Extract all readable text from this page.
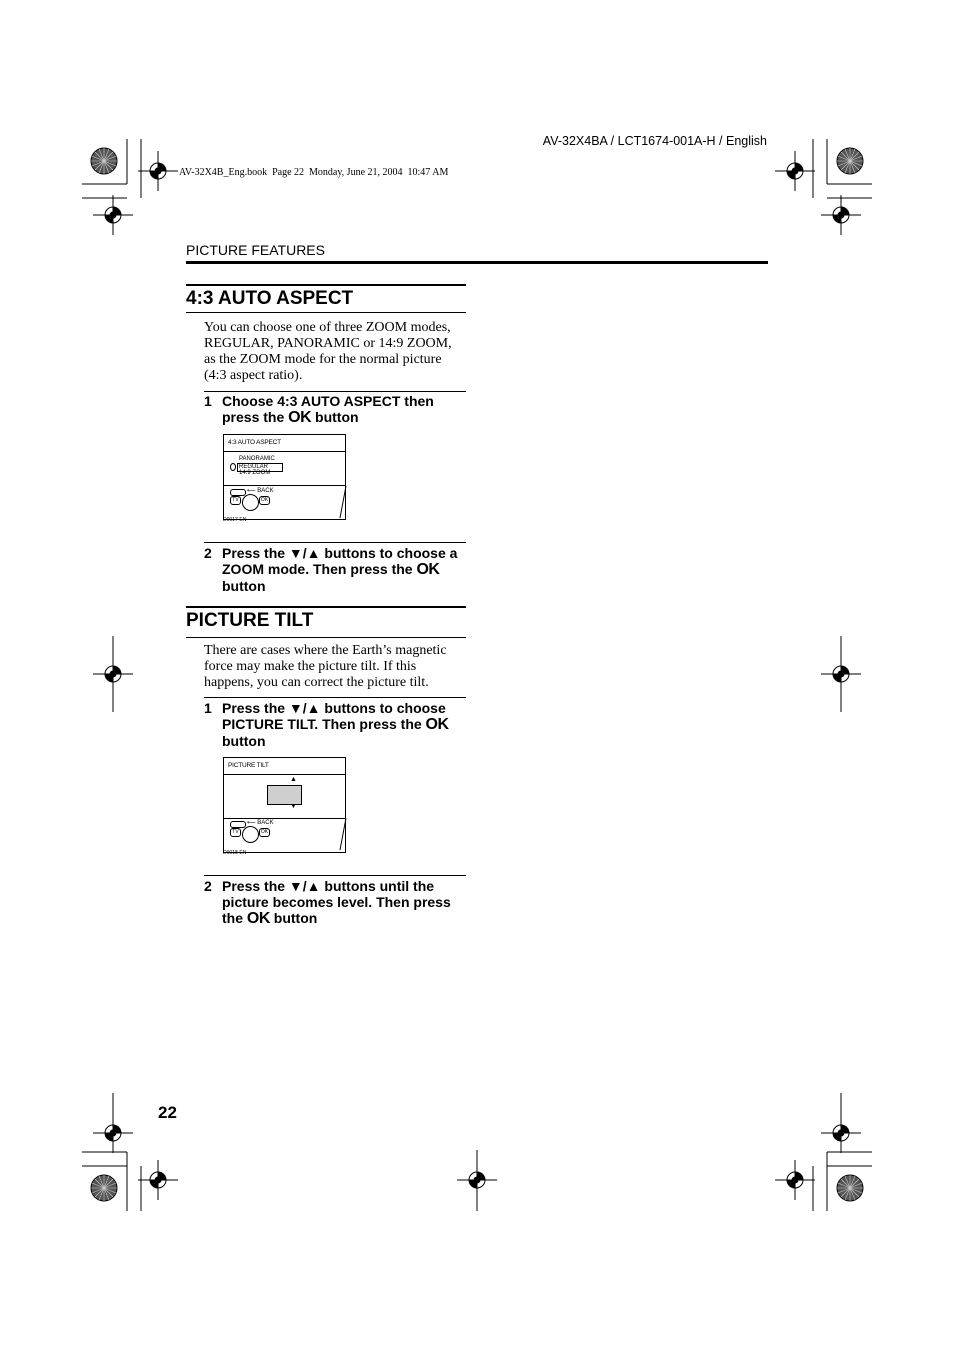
AV-32X4BA / LCT1674-001A-H / English
AV-32X4B_Eng.book  Page 22  Monday, June 21, 2004  10:47 AM
PICTURE FEATURES
4:3 AUTO ASPECT
You can choose one of three ZOOM modes,
REGULAR, PANORAMIC or 14:9 ZOOM,
as the ZOOM mode for the normal picture
(4:3 aspect ratio).
1 Choose 4:3 AUTO ASPECT then press the OK button
4:3 AUTO ASPECT
PANORAMIC
REGULAR
14:9 ZOOM
⟵ BACK
TV	OK
D0017-EN
2 Press the ▼/▲ buttons to choose a ZOOM mode. Then press the OK button
PICTURE TILT
There are cases where the Earth’s magnetic
force may make the picture tilt. If this
happens, you can correct the picture tilt.
1 Press the ▼/▲ buttons to choose PICTURE TILT. Then press the OK button
PICTURE TILT
▲
▼
⟵ BACK
TV	OK
D0018-EN
2 Press the ▼/▲ buttons until the picture becomes level. Then press the OK button
22
